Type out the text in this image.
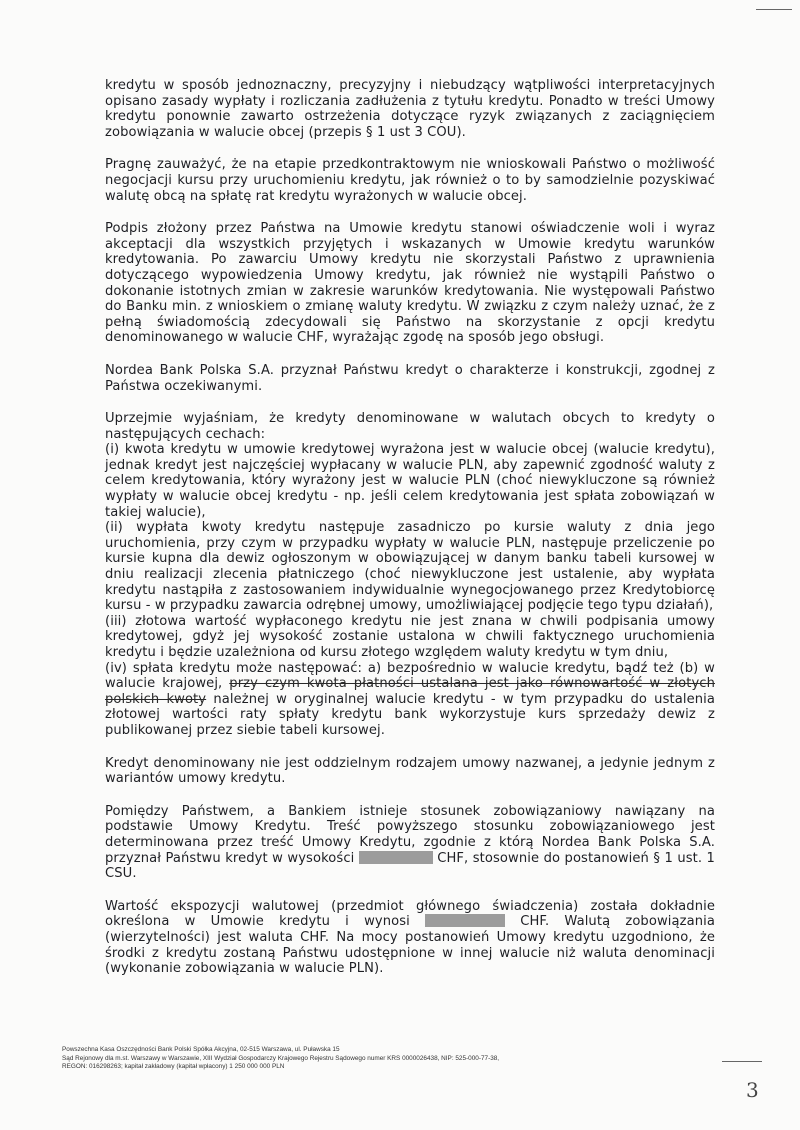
kredytu w sposób jednoznaczny, precyzyjny i niebudzący wątpliwości interpretacyjnych opisano zasady wypłaty i rozliczania zadłużenia z tytułu kredytu. Ponadto w treści Umowy kredytu ponownie zawarto ostrzeżenia dotyczące ryzyk związanych z zaciągnięciem zobowiązania w walucie obcej (przepis § 1 ust 3 COU).

Pragnę zauważyć, że na etapie przedkontraktowym nie wnioskowali Państwo o możliwość negocjacji kursu przy uruchomieniu kredytu, jak również o to by samodzielnie pozyskiwać walutę obcą na spłatę rat kredytu wyrażonych w walucie obcej.

Podpis złożony przez Państwa na Umowie kredytu stanowi oświadczenie woli i wyraz akceptacji dla wszystkich przyjętych i wskazanych w Umowie kredytu warunków kredytowania. Po zawarciu Umowy kredytu nie skorzystali Państwo z uprawnienia dotyczącego wypowiedzenia Umowy kredytu, jak również nie wystąpili Państwo o dokonanie istotnych zmian w zakresie warunków kredytowania. Nie występowali Państwo do Banku min. z wnioskiem o zmianę waluty kredytu. W związku z czym należy uznać, że z pełną świadomością zdecydowali się Państwo na skorzystanie z opcji kredytu denominowanego w walucie CHF, wyrażając zgodę na sposób jego obsługi.

Nordea Bank Polska S.A. przyznał Państwu kredyt o charakterze i konstrukcji, zgodnej z Państwa oczekiwanymi.

Uprzejmie wyjaśniam, że kredyty denominowane w walutach obcych to kredyty o następujących cechach:
(i) kwota kredytu w umowie kredytowej wyrażona jest w walucie obcej (walucie kredytu), jednak kredyt jest najczęściej wypłacany w walucie PLN, aby zapewnić zgodność waluty z celem kredytowania, który wyrażony jest w walucie PLN (choć niewykluczone są również wypłaty w walucie obcej kredytu - np. jeśli celem kredytowania jest spłata zobowiązań w takiej walucie),
(ii) wypłata kwoty kredytu następuje zasadniczo po kursie waluty z dnia jego uruchomienia, przy czym w przypadku wypłaty w walucie PLN, następuje przeliczenie po kursie kupna dla dewiz ogłoszonym w obowiązującej w danym banku tabeli kursowej w dniu realizacji zlecenia płatniczego (choć niewykluczone jest ustalenie, aby wypłata kredytu nastąpiła z zastosowaniem indywidualnie wynegocjowanego przez Kredytobiorcę kursu - w przypadku zawarcia odrębnej umowy, umożliwiającej podjęcie tego typu działań),
(iii) złotowa wartość wypłaconego kredytu nie jest znana w chwili podpisania umowy kredytowej, gdyż jej wysokość zostanie ustalona w chwili faktycznego uruchomienia kredytu i będzie uzależniona od kursu złotego względem waluty kredytu w tym dniu,
(iv) spłata kredytu może następować: a) bezpośrednio w walucie kredytu, bądź też (b) w walucie krajowej, przy czym kwota płatności ustalana jest jako równowartość w złotych polskich kwoty należnej w oryginalnej walucie kredytu - w tym przypadku do ustalenia złotowej wartości raty spłaty kredytu bank wykorzystuje kurs sprzedaży dewiz z publikowanej przez siebie tabeli kursowej.

Kredyt denominowany nie jest oddzielnym rodzajem umowy nazwanej, a jedynie jednym z wariantów umowy kredytu.

Pomiędzy Państwem, a Bankiem istnieje stosunek zobowiązaniowy nawiązany na podstawie Umowy Kredytu. Treść powyższego stosunku zobowiązaniowego jest determinowana przez treść Umowy Kredytu, zgodnie z którą Nordea Bank Polska S.A. przyznał Państwu kredyt w wysokości	CHF, stosownie do postanowień § 1 ust. 1 CSU.

Wartość ekspozycji walutowej (przedmiot głównego świadczenia) została dokładnie określona w Umowie kredytu i wynosi	CHF. Walutą zobowiązania (wierzytelności) jest waluta CHF. Na mocy postanowień Umowy kredytu uzgodniono, że środki z kredytu zostaną Państwu udostępnione w innej walucie niż waluta denominacji (wykonanie zobowiązania w walucie PLN).

Powszechna Kasa Oszczędności Bank Polski Spółka Akcyjna, 02-515 Warszawa, ul. Puławska 15
Sąd Rejonowy dla m.st. Warszawy w Warszawie, XIII Wydział Gospodarczy Krajowego Rejestru Sądowego numer KRS 0000026438, NIP: 525-000-77-38,
REGON: 016298263; kapitał zakładowy (kapitał wpłacony) 1 250 000 000 PLN
3
